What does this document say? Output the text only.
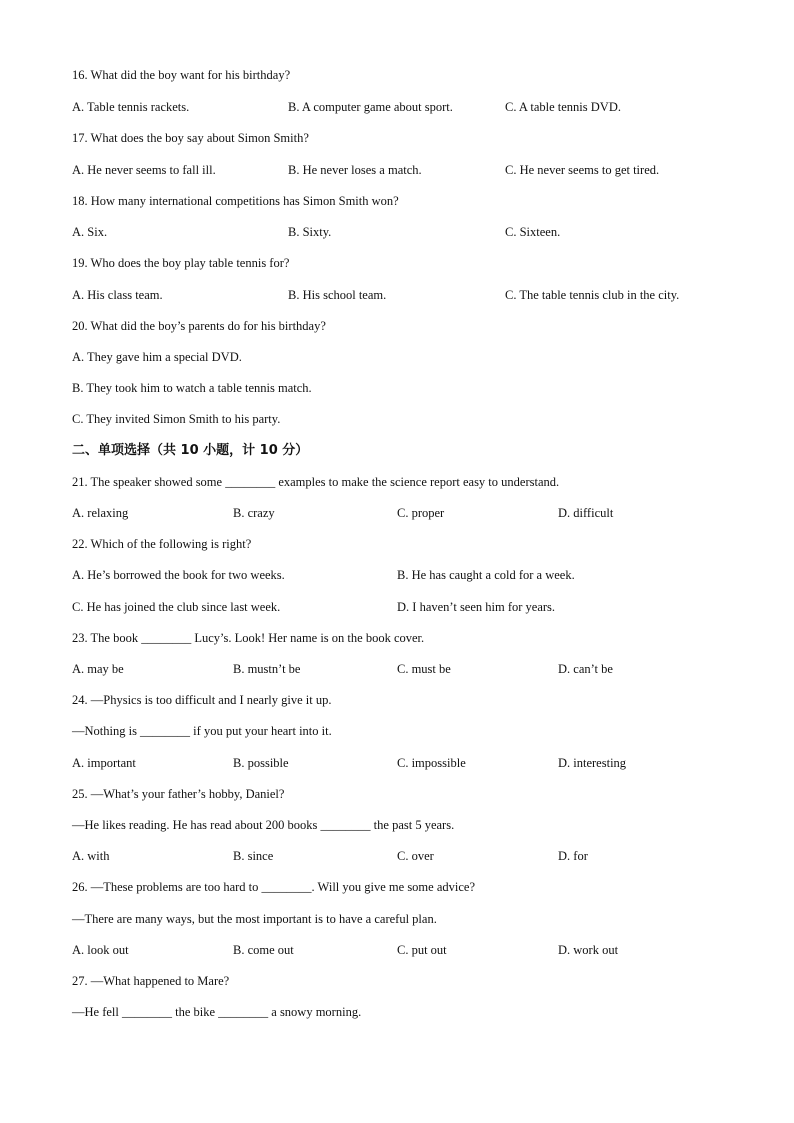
16. What did the boy want for his birthday?
A. Table tennis rackets.	B. A computer game about sport.	C. A table tennis DVD.
17. What does the boy say about Simon Smith?
A. He never seems to fall ill.	B. He never loses a match.	C. He never seems to get tired.
18. How many international competitions has Simon Smith won?
A. Six.	B. Sixty.	C. Sixteen.
19. Who does the boy play table tennis for?
A. His class team.	B. His school team.	C. The table tennis club in the city.
20. What did the boy’s parents do for his birthday?
A. They gave him a special DVD.
B. They took him to watch a table tennis match.
C. They invited Simon Smith to his party.
二、单项选择（共 10 小题，计 10 分）
21. The speaker showed some ________ examples to make the science report easy to understand.
A. relaxing	B. crazy	C. proper	D. difficult
22. Which of the following is right?
A. He’s borrowed the book for two weeks.	B. He has caught a cold for a week.
C. He has joined the club since last week.	D. I haven’t seen him for years.
23. The book ________ Lucy’s. Look! Her name is on the book cover.
A. may be	B. mustn’t be	C. must be	D. can’t be
24. —Physics is too difficult and I nearly give it up.
—Nothing is ________ if you put your heart into it.
A. important	B. possible	C. impossible	D. interesting
25. —What’s your father’s hobby, Daniel?
—He likes reading. He has read about 200 books ________ the past 5 years.
A. with	B. since	C. over	D. for
26. —These problems are too hard to ________. Will you give me some advice?
—There are many ways, but the most important is to have a careful plan.
A. look out	B. come out	C. put out	D. work out
27. —What happened to Mare?
—He fell ________ the bike ________ a snowy morning.
